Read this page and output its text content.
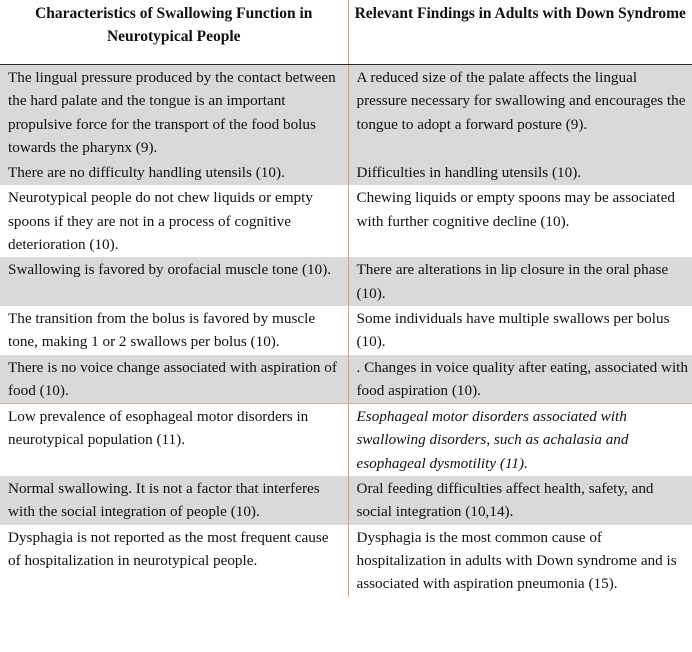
Characteristics of Swallowing Function in Neurotypical People	Relevant Findings in Adults with Down Syndrome
The lingual pressure produced by the contact between the hard palate and the tongue is an important propulsive force for the transport of the food bolus towards the pharynx (9).	A reduced size of the palate affects the lingual pressure necessary for swallowing and encourages the tongue to adopt a forward posture (9).
There are no difficulty handling utensils (10).	Difficulties in handling utensils (10).
Neurotypical people do not chew liquids or empty spoons if they are not in a process of cognitive deterioration (10).	Chewing liquids or empty spoons may be associated with further cognitive decline (10).
Swallowing is favored by orofacial muscle tone (10).	There are alterations in lip closure in the oral phase (10).
The transition from the bolus is favored by muscle tone, making 1 or 2 swallows per bolus (10).	Some individuals have multiple swallows per bolus (10).
There is no voice change associated with aspiration of food (10).	. Changes in voice quality after eating, associated with food aspiration (10).
Low prevalence of esophageal motor disorders in neurotypical population (11).	Esophageal motor disorders associated with swallowing disorders, such as achalasia and esophageal dysmotility (11).
Normal swallowing. It is not a factor that interferes with the social integration of people (10).	Oral feeding difficulties affect health, safety, and social integration (10,14).
Dysphagia is not reported as the most frequent cause of hospitalization in neurotypical people.	Dysphagia is the most common cause of hospitalization in adults with Down syndrome and is associated with aspiration pneumonia (15).
